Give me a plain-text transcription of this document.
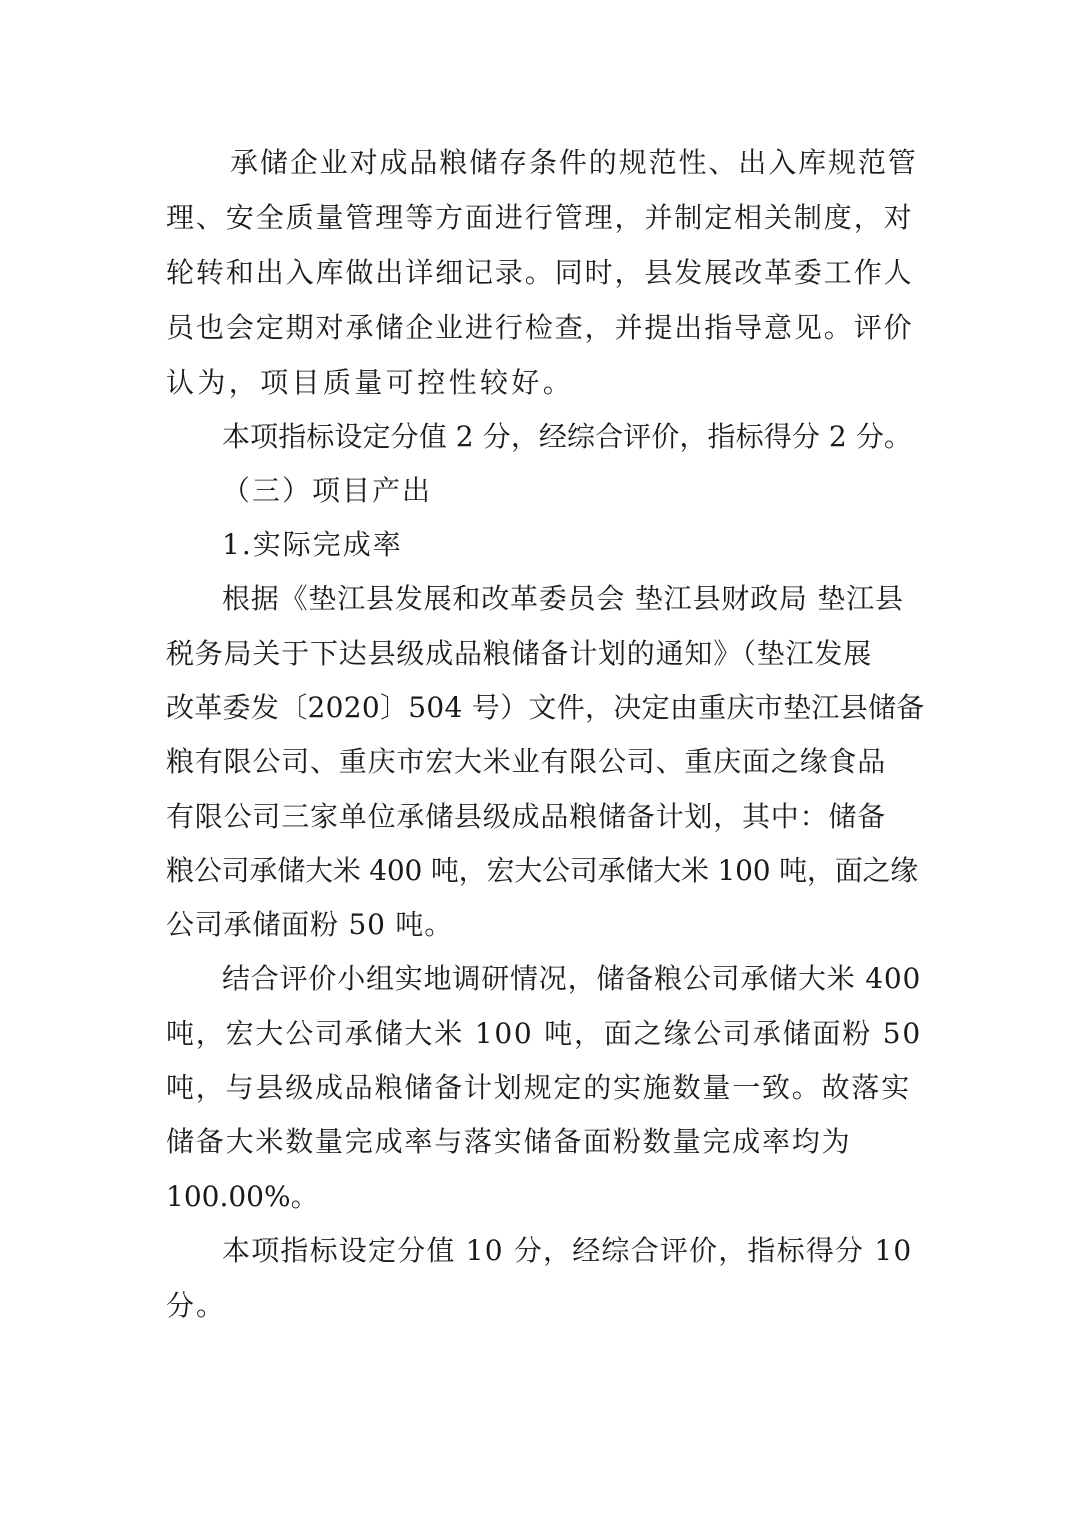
承储企业对成品粮储存条件的规范性、出入库规范管
理、安全质量管理等方面进行管理，并制定相关制度，对
轮转和出入库做出详细记录。同时，县发展改革委工作人
员也会定期对承储企业进行检查，并提出指导意见。评价
认为，项目质量可控性较好。
本项指标设定分值 2 分，经综合评价，指标得分 2 分。
（三）项目产出
1.实际完成率
根据《垫江县发展和改革委员会 垫江县财政局 垫江县
税务局关于下达县级成品粮储备计划的通知》（垫江发展
改革委发〔2020〕504 号）文件，决定由重庆市垫江县储备
粮有限公司、重庆市宏大米业有限公司、重庆面之缘食品
有限公司三家单位承储县级成品粮储备计划，其中：储备
粮公司承储大米 400 吨，宏大公司承储大米 100 吨，面之缘
公司承储面粉 50 吨。
结合评价小组实地调研情况，储备粮公司承储大米 400
吨，宏大公司承储大米 100 吨，面之缘公司承储面粉 50
吨，与县级成品粮储备计划规定的实施数量一致。故落实
储备大米数量完成率与落实储备面粉数量完成率均为
100.00%。
本项指标设定分值 10 分，经综合评价，指标得分 10
分。
